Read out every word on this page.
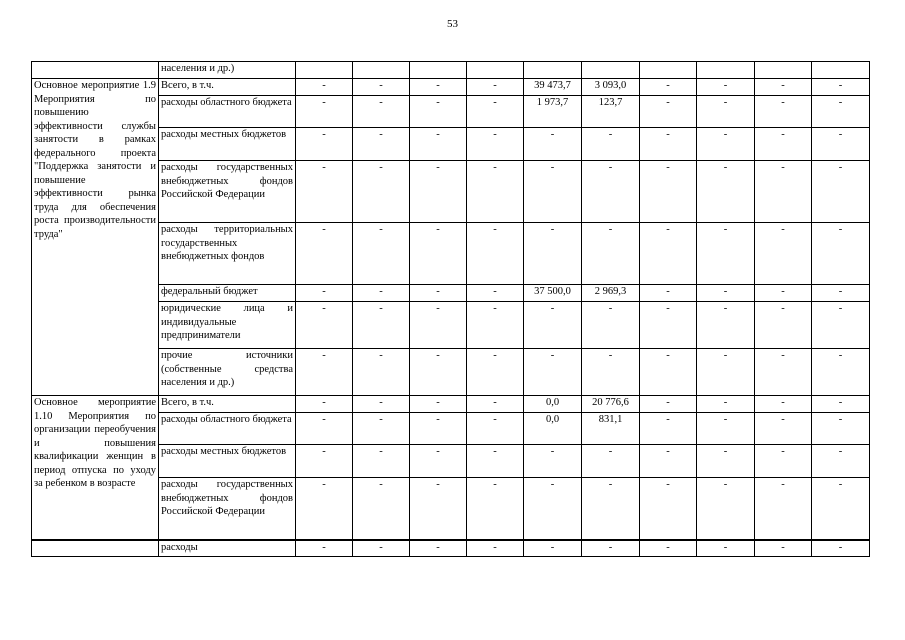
53
	населения и др.)										
Основное мероприятие 1.9 Мероприятия по повышению эффективности службы занятости в рамках федерального проекта "Поддержка занятости и повышение эффективности рынка труда для обеспечения роста производительности труда"	Всего, в т.ч.	-	-	-	-	39 473,7	3 093,0	-	-	-	-
	расходы областного бюджета	-	-	-	-	1 973,7	123,7	-	-	-	-
	расходы местных бюджетов	-	-	-	-	-	-	-	-	-	-
	расходы государственных внебюджетных фондов Российской Федерации	-	-	-	-	-	-	-	-	-	-
	расходы территориальных государственных внебюджетных фондов	-	-	-	-	-	-	-	-	-	-
	федеральный бюджет	-	-	-	-	37 500,0	2 969,3	-	-	-	-
	юридические лица и индивидуальные предприниматели	-	-	-	-	-	-	-	-	-	-
	прочие источники (собственные средства населения и др.)	-	-	-	-	-	-	-	-	-	-
Основное мероприятие 1.10 Мероприятия по организации переобучения и повышения квалификации женщин в период отпуска по уходу за ребенком в возрасте	Всего, в т.ч.	-	-	-	-	0,0	20 776,6	-	-	-	-
	расходы областного бюджета	-	-	-	-	0,0	831,1	-	-	-	-
	расходы местных бюджетов	-	-	-	-	-	-	-	-	-	-
	расходы государственных внебюджетных фондов Российской Федерации	-	-	-	-	-	-	-	-	-	-
	расходы	-	-	-	-	-	-	-	-	-	-
